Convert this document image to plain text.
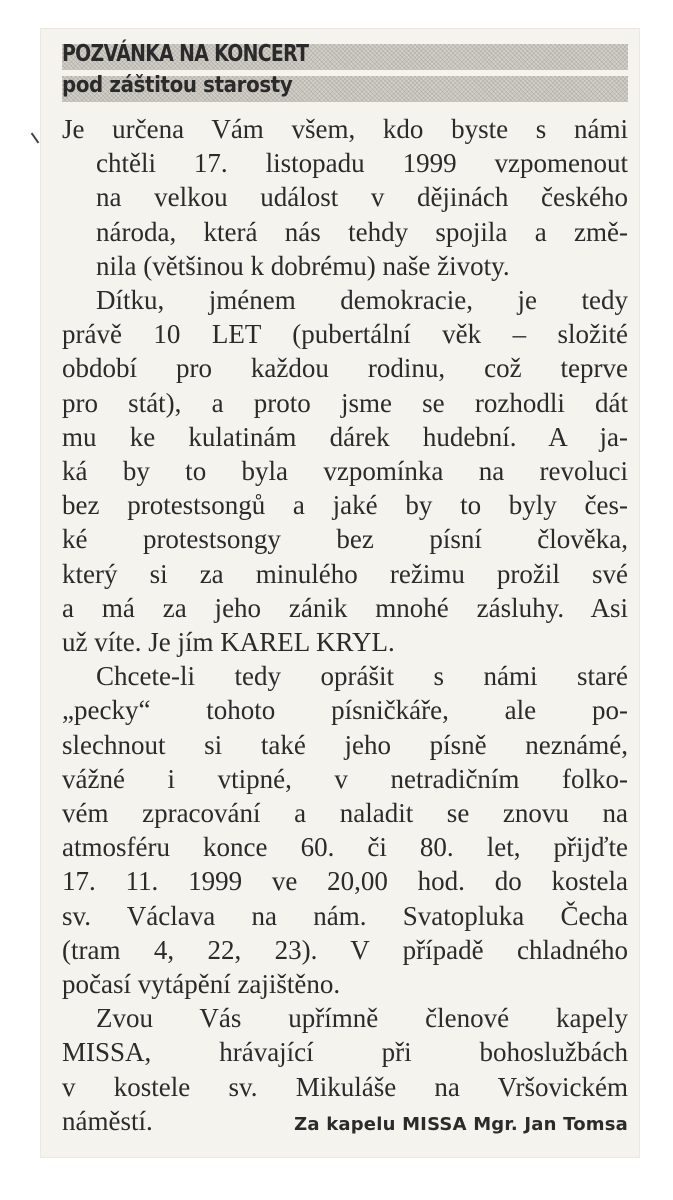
POZVÁNKA NA KONCERT
pod záštitou starosty
Je určena Vám všem, kdo byste s námi
chtěli 17. listopadu 1999 vzpomenout
na velkou událost v dějinách českého
národa, která nás tehdy spojila a změ-
nila (většinou k dobrému) naše životy.
Dítku, jménem demokracie, je tedy
právě 10 LET (pubertální věk – složité
období pro každou rodinu, což teprve
pro stát), a proto jsme se rozhodli dát
mu ke kulatinám dárek hudební. A ja-
ká by to byla vzpomínka na revoluci
bez protestsongů a jaké by to byly čes-
ké protestsongy bez písní člověka,
který si za minulého režimu prožil své
a má za jeho zánik mnohé zásluhy. Asi
už víte. Je jím KAREL KRYL.
Chcete-li tedy oprášit s námi staré
„pecky“ tohoto písničkáře, ale po-
slechnout si také jeho písně neznámé,
vážné i vtipné, v netradičním folko-
vém zpracování a naladit se znovu na
atmosféru konce 60. či 80. let, přijďte
17. 11. 1999 ve 20,00 hod. do kostela
sv. Václava na nám. Svatopluka Čecha
(tram 4, 22, 23). V případě chladného
počasí vytápění zajištěno.
Zvou Vás upřímně členové kapely
MISSA, hrávající při bohoslužbách
v kostele sv. Mikuláše na Vršovickém
náměstí.	Za kapelu MISSA Mgr. Jan Tomsa
